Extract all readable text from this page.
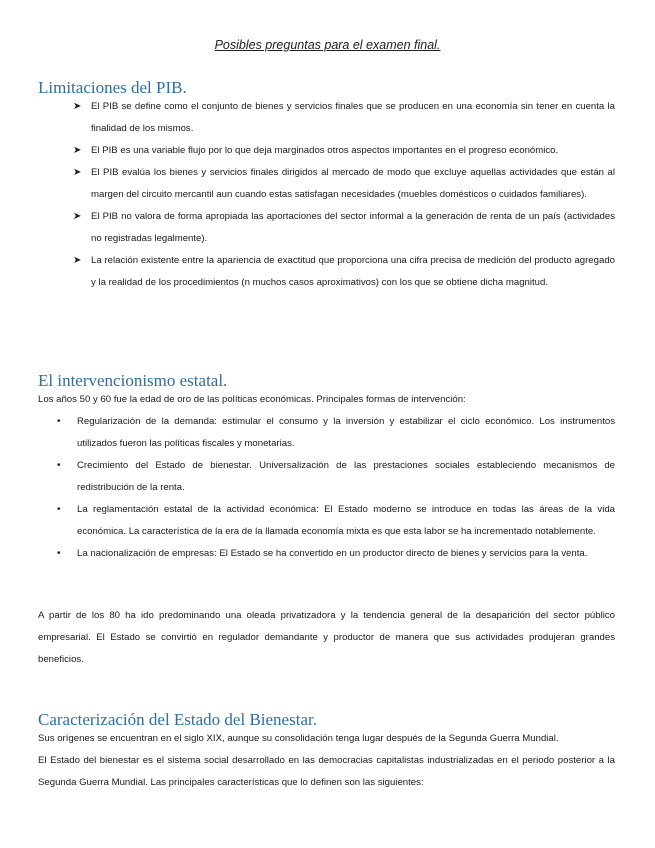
Posibles preguntas para el examen final.
Limitaciones del PIB.
➤ El PIB se define como el conjunto de bienes y servicios finales que se producen en una economía sin tener en cuenta la finalidad de los mismos.
➤ El PIB es una variable flujo por lo que deja marginados otros aspectos importantes en el progreso económico.
➤ El PIB evalúa los bienes y servicios finales dirigidos al mercado de modo que excluye aquellas actividades que están al margen del circuito mercantil aun cuando estas satisfagan necesidades (muebles domésticos o cuidados familiares).
➤ El PIB no valora de forma apropiada las aportaciones del sector informal a la generación de renta de un país (actividades no registradas legalmente).
➤ La relación existente entre la apariencia de exactitud que proporciona una cifra precisa de medición del producto agregado y la realidad de los procedimientos (n muchos casos aproximativos) con los que se obtiene dicha magnitud.
El intervencionismo estatal.

Los años 50 y 60 fue la edad de oro de las políticas económicas. Principales formas de intervención:

• Regularización de la demanda: estimular el consumo y la inversión y estabilizar el ciclo económico. Los instrumentos utilizados fueron las políticas fiscales y monetarias.
• Crecimiento del Estado de bienestar. Universalización de las prestaciones sociales estableciendo mecanismos de redistribución de la renta.
• La reglamentación estatal de la actividad económica: El Estado moderno se introduce en todas las áreas de la vida económica. La característica de la era de la llamada economía mixta es que esta labor se ha incrementado notablemente.
• La nacionalización de empresas: El Estado se ha convertido en un productor directo de bienes y servicios para la venta.

A partir de los 80 ha ido predominando una oleada privatizadora y la tendencia general de la desaparición del sector público empresarial. El Estado se convirtió en regulador demandante y productor de manera que sus actividades produjeran grandes beneficios.

Caracterización del Estado del Bienestar.

Sus orígenes se encuentran en el siglo XIX, aunque su consolidación tenga lugar después de la Segunda Guerra Mundial.

El Estado del bienestar es el sistema social desarrollado en las democracias capitalistas industrializadas en el periodo posterior a la Segunda Guerra Mundial. Las principales características que lo definen son las siguientes:
